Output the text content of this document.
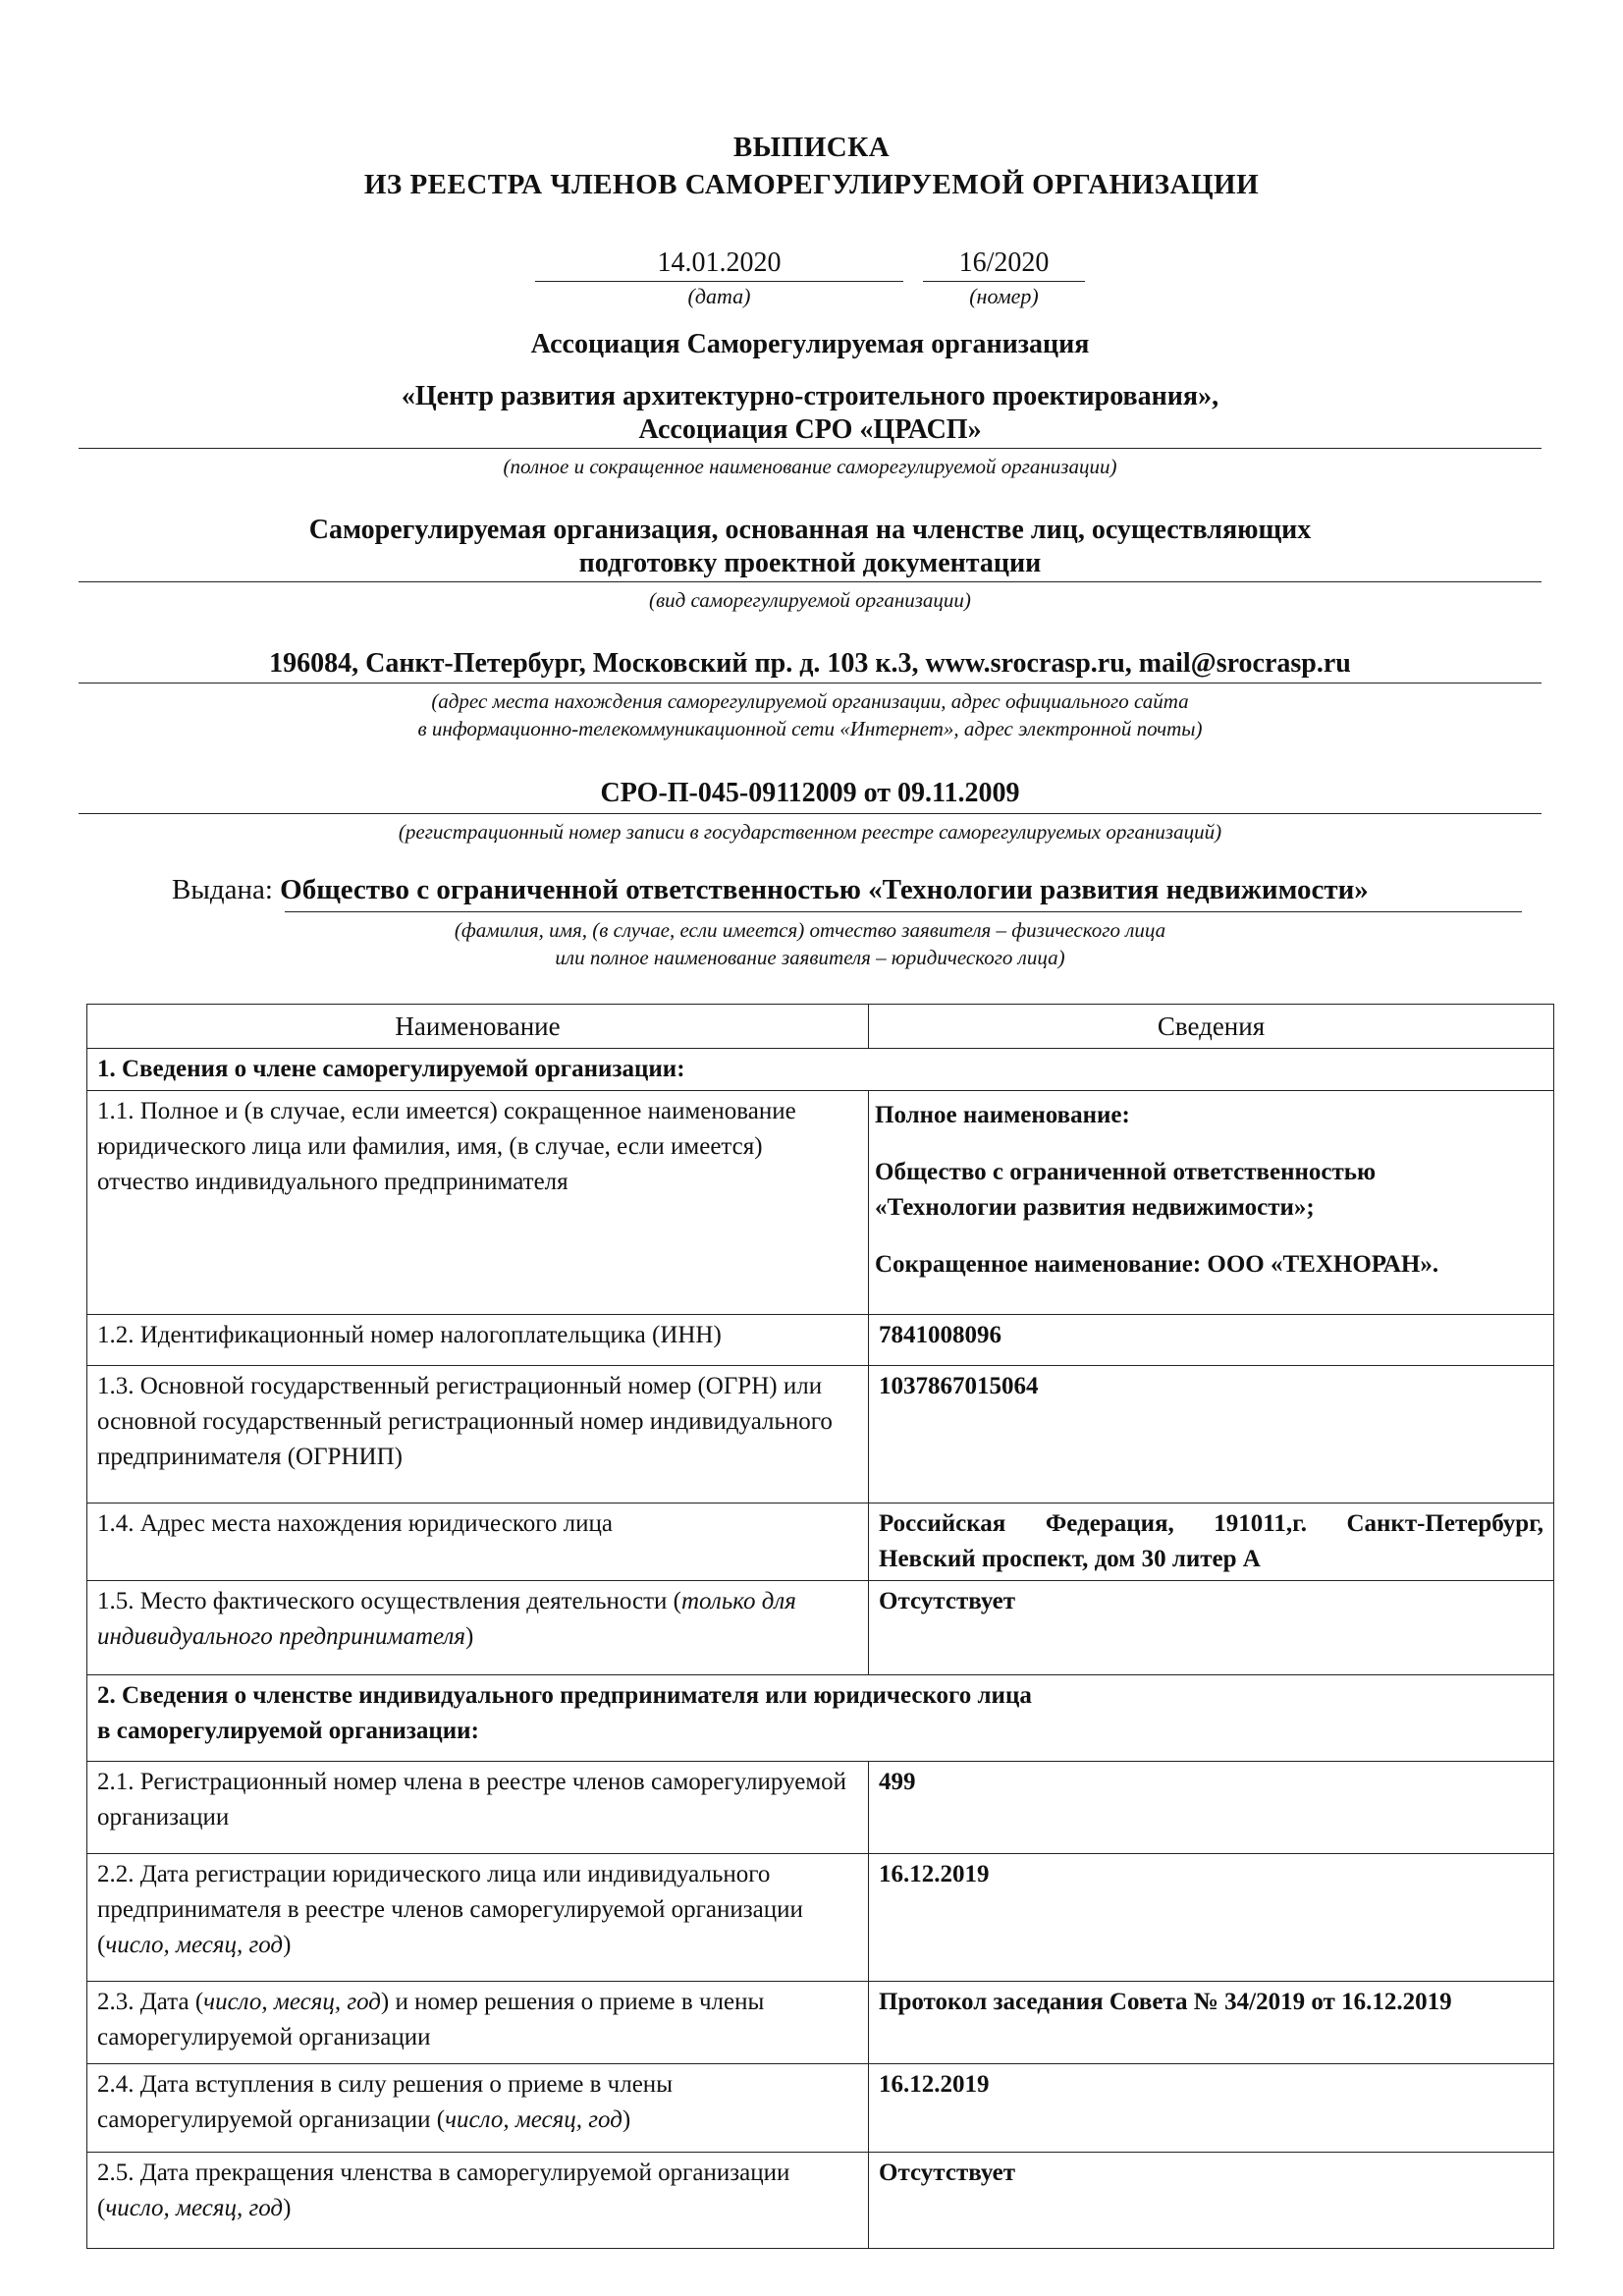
ВЫПИСКА
ИЗ РЕЕСТРА ЧЛЕНОВ САМОРЕГУЛИРУЕМОЙ ОРГАНИЗАЦИИ
14.01.2020
(дата)
16/2020
(номер)
Ассоциация Саморегулируемая организация
«Центр развития архитектурно-строительного проектирования»,
Ассоциация СРО «ЦРАСП»
(полное и сокращенное наименование саморегулируемой организации)
Саморегулируемая организация, основанная на членстве лиц, осуществляющих
подготовку проектной документации
(вид саморегулируемой организации)
196084, Санкт-Петербург, Московский пр. д. 103 к.3, www.srocrasp.ru, mail@srocrasp.ru
(адрес места нахождения саморегулируемой организации, адрес официального сайта
в информационно-телекоммуникационной сети «Интернет», адрес электронной почты)
СРО-П-045-09112009 от 09.11.2009
(регистрационный номер записи в государственном реестре саморегулируемых организаций)
Выдана: Общество с ограниченной ответственностью «Технологии развития недвижимости»
(фамилия, имя, (в случае, если имеется) отчество заявителя – физического лица
или полное наименование заявителя – юридического лица)
Наименование	Сведения
1. Сведения о члене саморегулируемой организации:	
1.1. Полное и (в случае, если имеется) сокращенное наименование юридического лица или фамилия, имя, (в случае, если имеется) отчество индивидуального предпринимателя	Полное наименование:
Общество с ограниченной ответственностью
«Технологии развития недвижимости»;
Сокращенное наименование: ООО «ТЕХНОРАН».

1.2. Идентификационный номер налогоплательщика (ИНН)	7841008096
1.3. Основной государственный регистрационный номер (ОГРН) или основной государственный регистрационный номер индивидуального предпринимателя (ОГРНИП)	1037867015064
1.4. Адрес места нахождения юридического лица	Российская Федерация, 191011,г. Санкт-Петербург, Невский проспект, дом 30 литер А
1.5. Место фактического осуществления деятельности (только для индивидуального предпринимателя)	Отсутствует

2. Сведения о членстве индивидуального предпринимателя или юридического лица
в саморегулируемой организации:	

2.1. Регистрационный номер члена в реестре членов саморегулируемой организации	499
2.2. Дата регистрации юридического лица или индивидуального предпринимателя в реестре членов саморегулируемой организации (число, месяц, год)	16.12.2019
2.3. Дата (число, месяц, год) и номер решения о приеме в члены саморегулируемой организации	Протокол заседания Совета № 34/2019 от 16.12.2019
2.4. Дата вступления в силу решения о приеме в члены саморегулируемой организации (число, месяц, год)	16.12.2019
2.5. Дата прекращения членства в саморегулируемой организации (число, месяц, год)	Отсутствует
